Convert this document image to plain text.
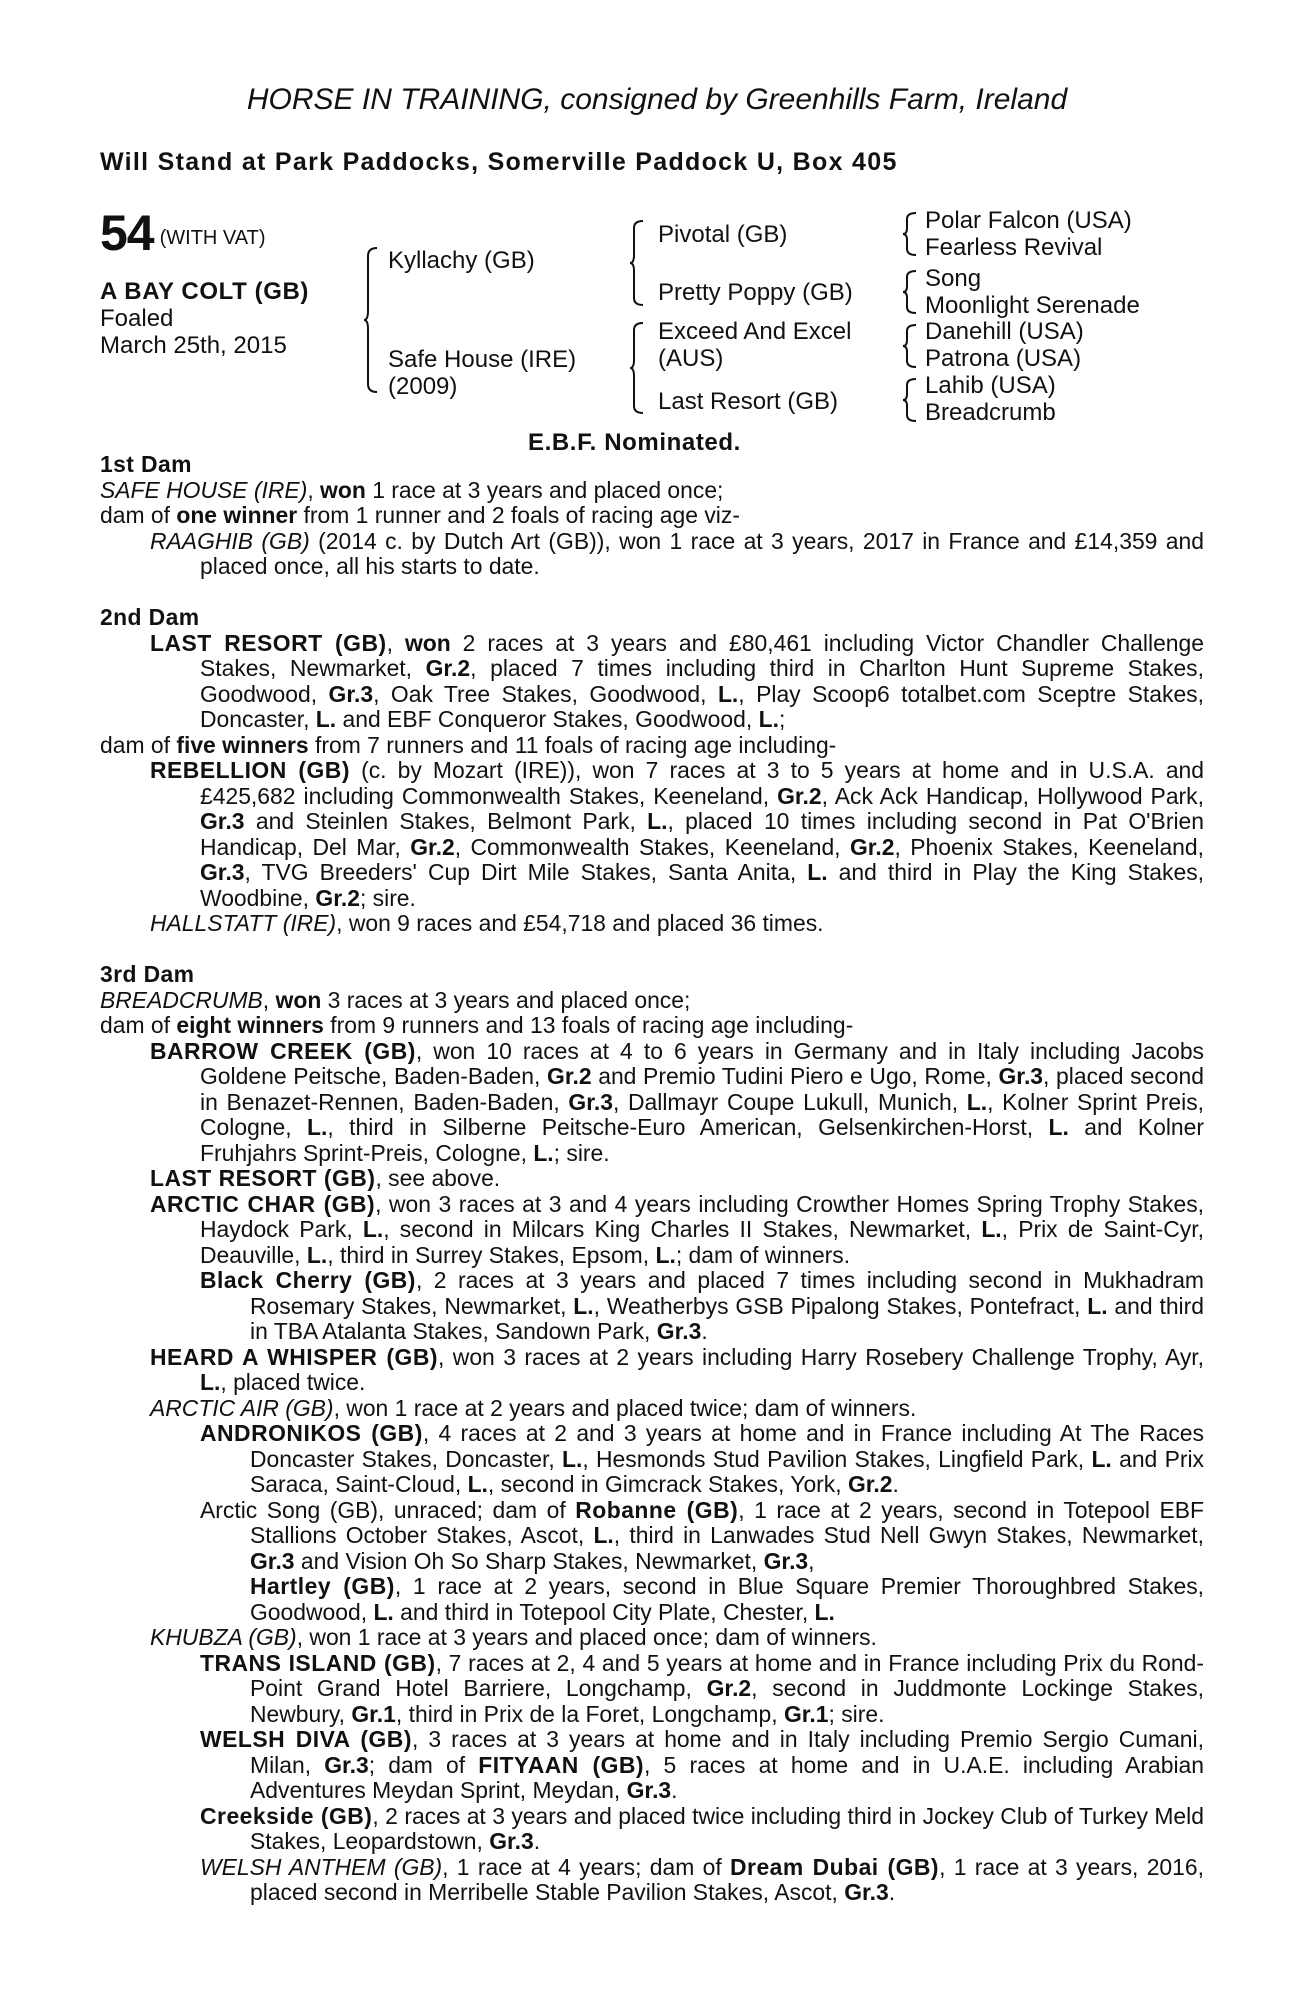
HORSE IN TRAINING, consigned by Greenhills Farm, Ireland
Will Stand at Park Paddocks, Somerville Paddock U, Box 405
54 (WITH VAT)
A BAY COLT (GB)
Foaled
March 25th, 2015
Kyllachy (GB)
Safe House (IRE)
(2009)
Pivotal (GB)
Pretty Poppy (GB)
Exceed And Excel
(AUS)
Last Resort (GB)
Polar Falcon (USA)
Fearless Revival
Song
Moonlight Serenade
Danehill (USA)
Patrona (USA)
Lahib (USA)
Breadcrumb
E.B.F. Nominated.

1st Dam

SAFE HOUSE (IRE), won 1 race at 3 years and placed once;

dam of one winner from 1 runner and 2 foals of racing age viz-

RAAGHIB (GB) (2014 c. by Dutch Art (GB)), won 1 race at 3 years, 2017 in France and £14,359 and placed once, all his starts to date.

2nd Dam

LAST RESORT (GB), won 2 races at 3 years and £80,461 including Victor Chandler Challenge Stakes, Newmarket, Gr.2, placed 7 times including third in Charlton Hunt Supreme Stakes, Goodwood, Gr.3, Oak Tree Stakes, Goodwood, L., Play Scoop6 totalbet.com Sceptre Stakes, Doncaster, L. and EBF Conqueror Stakes, Goodwood, L.;

dam of five winners from 7 runners and 11 foals of racing age including-

REBELLION (GB) (c. by Mozart (IRE)), won 7 races at 3 to 5 years at home and in U.S.A. and £425,682 including Commonwealth Stakes, Keeneland, Gr.2, Ack Ack Handicap, Hollywood Park, Gr.3 and Steinlen Stakes, Belmont Park, L., placed 10 times including second in Pat O'Brien Handicap, Del Mar, Gr.2, Commonwealth Stakes, Keeneland, Gr.2, Phoenix Stakes, Keeneland, Gr.3, TVG Breeders' Cup Dirt Mile Stakes, Santa Anita, L. and third in Play the King Stakes, Woodbine, Gr.2; sire.

HALLSTATT (IRE), won 9 races and £54,718 and placed 36 times.

3rd Dam

BREADCRUMB, won 3 races at 3 years and placed once;

dam of eight winners from 9 runners and 13 foals of racing age including-

BARROW CREEK (GB), won 10 races at 4 to 6 years in Germany and in Italy including Jacobs Goldene Peitsche, Baden-Baden, Gr.2 and Premio Tudini Piero e Ugo, Rome, Gr.3, placed second in Benazet-Rennen, Baden-Baden, Gr.3, Dallmayr Coupe Lukull, Munich, L., Kolner Sprint Preis, Cologne, L., third in Silberne Peitsche-Euro American, Gelsenkirchen-Horst, L. and Kolner Fruhjahrs Sprint-Preis, Cologne, L.; sire.

LAST RESORT (GB), see above.

ARCTIC CHAR (GB), won 3 races at 3 and 4 years including Crowther Homes Spring Trophy Stakes, Haydock Park, L., second in Milcars King Charles II Stakes, Newmarket, L., Prix de Saint-Cyr, Deauville, L., third in Surrey Stakes, Epsom, L.; dam of winners.

Black Cherry (GB), 2 races at 3 years and placed 7 times including second in Mukhadram Rosemary Stakes, Newmarket, L., Weatherbys GSB Pipalong Stakes, Pontefract, L. and third in TBA Atalanta Stakes, Sandown Park, Gr.3.

HEARD A WHISPER (GB), won 3 races at 2 years including Harry Rosebery Challenge Trophy, Ayr, L., placed twice.

ARCTIC AIR (GB), won 1 race at 2 years and placed twice; dam of winners.

ANDRONIKOS (GB), 4 races at 2 and 3 years at home and in France including At The Races Doncaster Stakes, Doncaster, L., Hesmonds Stud Pavilion Stakes, Lingfield Park, L. and Prix Saraca, Saint-Cloud, L., second in Gimcrack Stakes, York, Gr.2.

Arctic Song (GB), unraced; dam of Robanne (GB), 1 race at 2 years, second in Totepool EBF Stallions October Stakes, Ascot, L., third in Lanwades Stud Nell Gwyn Stakes, Newmarket, Gr.3 and Vision Oh So Sharp Stakes, Newmarket, Gr.3,

Hartley (GB), 1 race at 2 years, second in Blue Square Premier Thoroughbred Stakes, Goodwood, L. and third in Totepool City Plate, Chester, L.

KHUBZA (GB), won 1 race at 3 years and placed once; dam of winners.

TRANS ISLAND (GB), 7 races at 2, 4 and 5 years at home and in France including Prix du Rond-Point Grand Hotel Barriere, Longchamp, Gr.2, second in Juddmonte Lockinge Stakes, Newbury, Gr.1, third in Prix de la Foret, Longchamp, Gr.1; sire.

WELSH DIVA (GB), 3 races at 3 years at home and in Italy including Premio Sergio Cumani, Milan, Gr.3; dam of FITYAAN (GB), 5 races at home and in U.A.E. including Arabian Adventures Meydan Sprint, Meydan, Gr.3.

Creekside (GB), 2 races at 3 years and placed twice including third in Jockey Club of Turkey Meld Stakes, Leopardstown, Gr.3.

WELSH ANTHEM (GB), 1 race at 4 years; dam of Dream Dubai (GB), 1 race at 3 years, 2016, placed second in Merribelle Stable Pavilion Stakes, Ascot, Gr.3.
